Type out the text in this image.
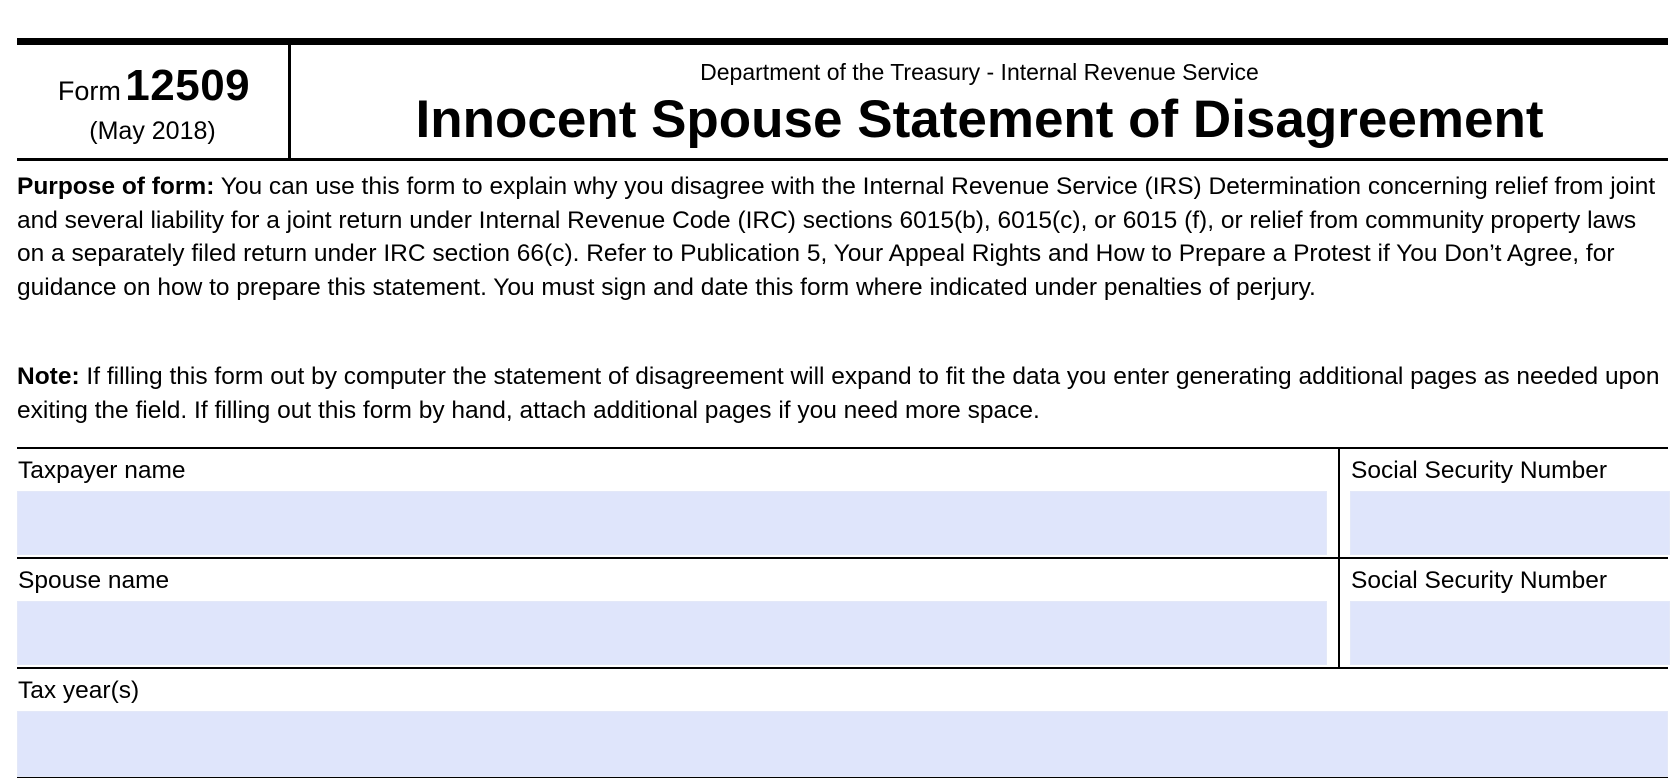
Form 12509
(May 2018)
Department of the Treasury - Internal Revenue Service
Innocent Spouse Statement of Disagreement

Purpose of form: You can use this form to explain why you disagree with the Internal Revenue Service (IRS) Determination concerning relief from joint and several liability for a joint return under Internal Revenue Code (IRC) sections 6015(b), 6015(c), or 6015 (f), or relief from community property laws on a separately filed return under IRC section 66(c). Refer to Publication 5, Your Appeal Rights and How to Prepare a Protest if You Don’t Agree, for guidance on how to prepare this statement. You must sign and date this form where indicated under penalties of perjury.

Note: If filling this form out by computer the statement of disagreement will expand to fit the data you enter generating additional pages as needed upon exiting the field. If filling out this form by hand, attach additional pages if you need more space.

Taxpayer name	Social Security Number
Spouse name	Social Security Number
Tax year(s)
